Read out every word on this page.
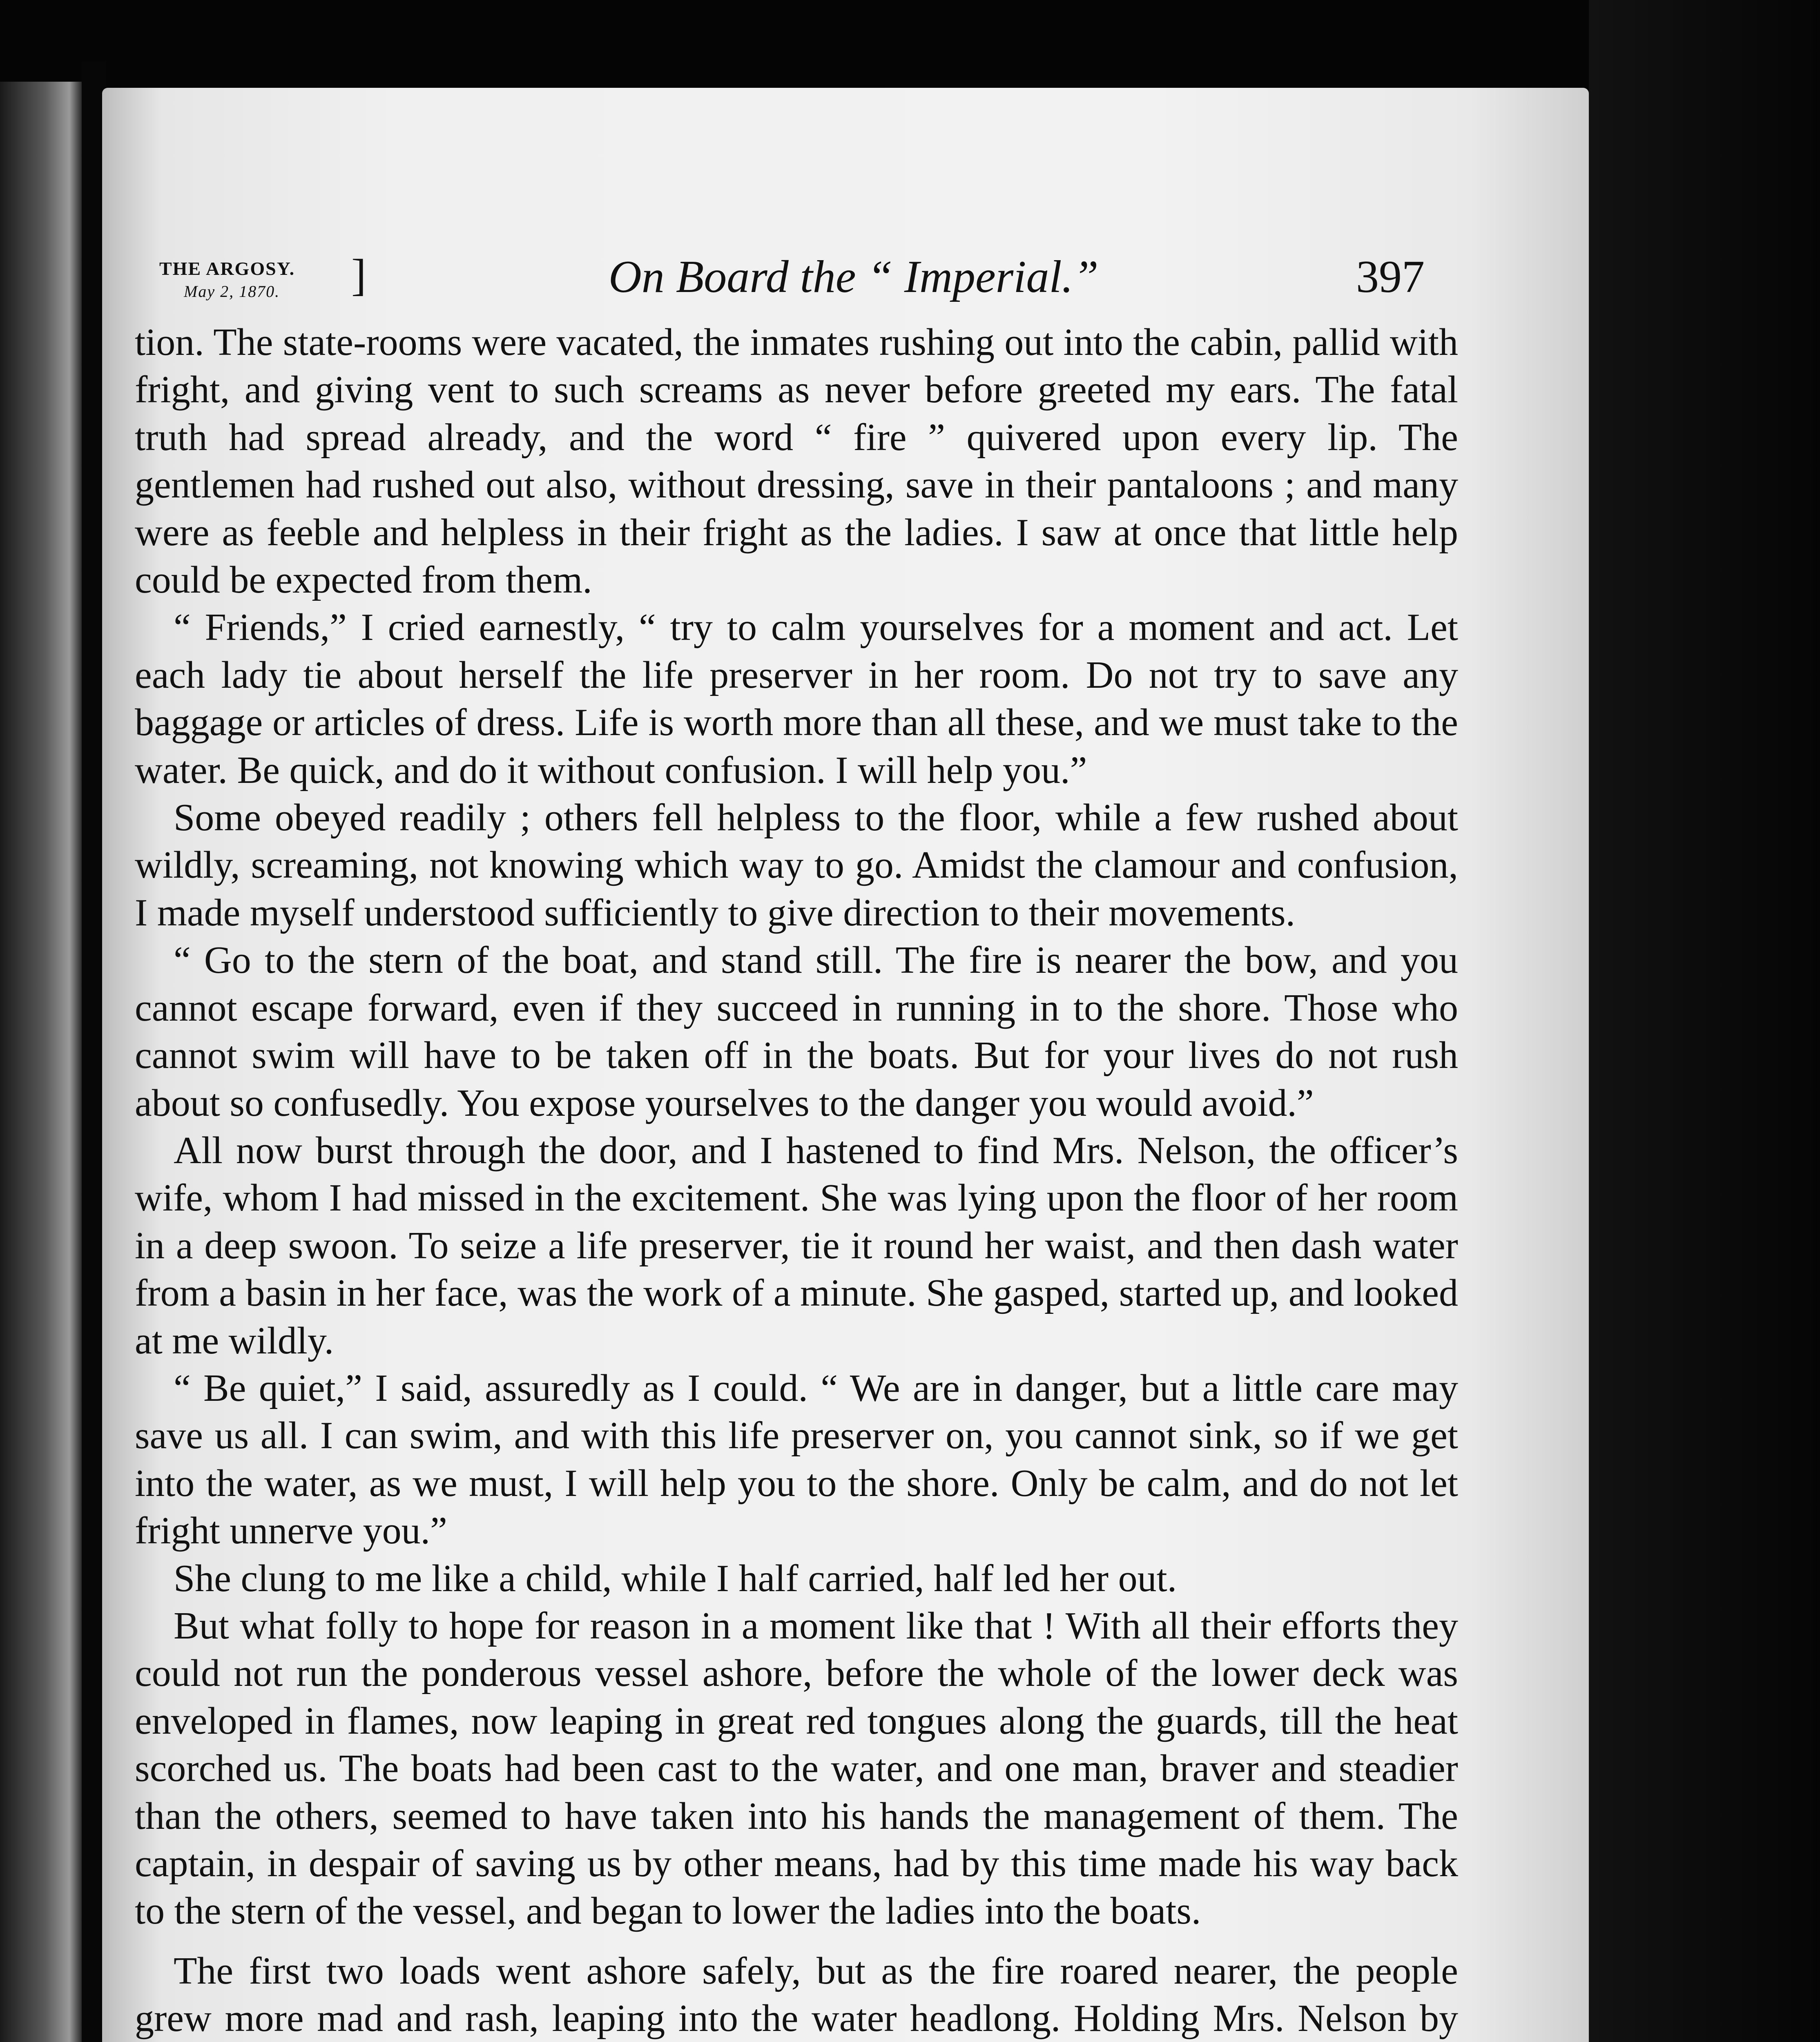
THE ARGOSY.
May 2, 1870.	]	On Board the “ Imperial.”	397

tion. The state-rooms were vacated, the inmates rushing out into the cabin, pallid with fright, and giving vent to such screams as never before greeted my ears. The fatal truth had spread already, and the word “ fire ” quivered upon every lip. The gentlemen had rushed out also, without dressing, save in their pantaloons ; and many were as feeble and helpless in their fright as the ladies. I saw at once that little help could be expected from them.

“ Friends,” I cried earnestly, “ try to calm yourselves for a moment and act. Let each lady tie about herself the life preserver in her room. Do not try to save any baggage or articles of dress. Life is worth more than all these, and we must take to the water. Be quick, and do it without confusion. I will help you.”

Some obeyed readily ; others fell helpless to the floor, while a few rushed about wildly, screaming, not knowing which way to go. Amidst the clamour and confusion, I made myself understood sufficiently to give direction to their movements.

“ Go to the stern of the boat, and stand still. The fire is nearer the bow, and you cannot escape forward, even if they succeed in running in to the shore. Those who cannot swim will have to be taken off in the boats. But for your lives do not rush about so confusedly. You expose yourselves to the danger you would avoid.”

All now burst through the door, and I hastened to find Mrs. Nelson, the officer’s wife, whom I had missed in the excitement. She was lying upon the floor of her room in a deep swoon. To seize a life preserver, tie it round her waist, and then dash water from a basin in her face, was the work of a minute. She gasped, started up, and looked at me wildly.

“ Be quiet,” I said, assuredly as I could. “ We are in danger, but a little care may save us all. I can swim, and with this life preserver on, you cannot sink, so if we get into the water, as we must, I will help you to the shore. Only be calm, and do not let fright unnerve you.”

She clung to me like a child, while I half carried, half led her out.

But what folly to hope for reason in a moment like that ! With all their efforts they could not run the ponderous vessel ashore, before the whole of the lower deck was enveloped in flames, now leaping in great red tongues along the guards, till the heat scorched us. The boats had been cast to the water, and one man, braver and steadier than the others, seemed to have taken into his hands the management of them. The captain, in despair of saving us by other means, had by this time made his way back to the stern of the vessel, and began to lower the ladies into the boats.

The first two loads went ashore safely, but as the fire roared nearer, the people grew more mad and rash, leaping into the water headlong. Holding Mrs. Nelson by
